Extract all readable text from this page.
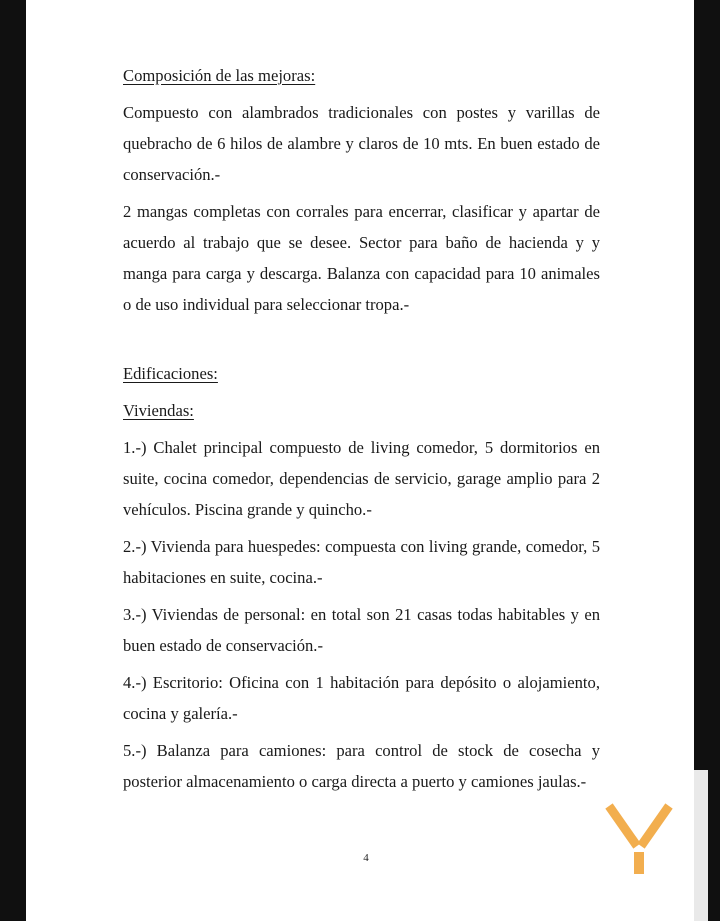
Composición de las mejoras:

Compuesto con alambrados tradicionales con postes y varillas de quebracho de 6 hilos de alambre y claros de 10 mts. En buen estado de conservación.-

2 mangas completas con corrales para encerrar, clasificar y apartar de acuerdo al trabajo que se desee. Sector para baño de hacienda y y manga para carga y descarga. Balanza con capacidad para 10 animales o de uso individual para seleccionar tropa.-

Edificaciones:

Viviendas:

1.-) Chalet principal compuesto de living comedor, 5 dormitorios en suite, cocina comedor, dependencias de servicio, garage amplio para 2 vehículos. Piscina grande y quincho.-

2.-) Vivienda para huespedes: compuesta con living grande, comedor, 5 habitaciones en suite, cocina.-

3.-) Viviendas de personal: en total son 21 casas todas habitables y en buen estado de conservación.-

4.-) Escritorio: Oficina con 1 habitación para depósito o alojamiento, cocina y galería.-

5.-) Balanza para camiones: para control de stock de cosecha y posterior almacenamiento o carga directa a puerto y camiones jaulas.-

4
